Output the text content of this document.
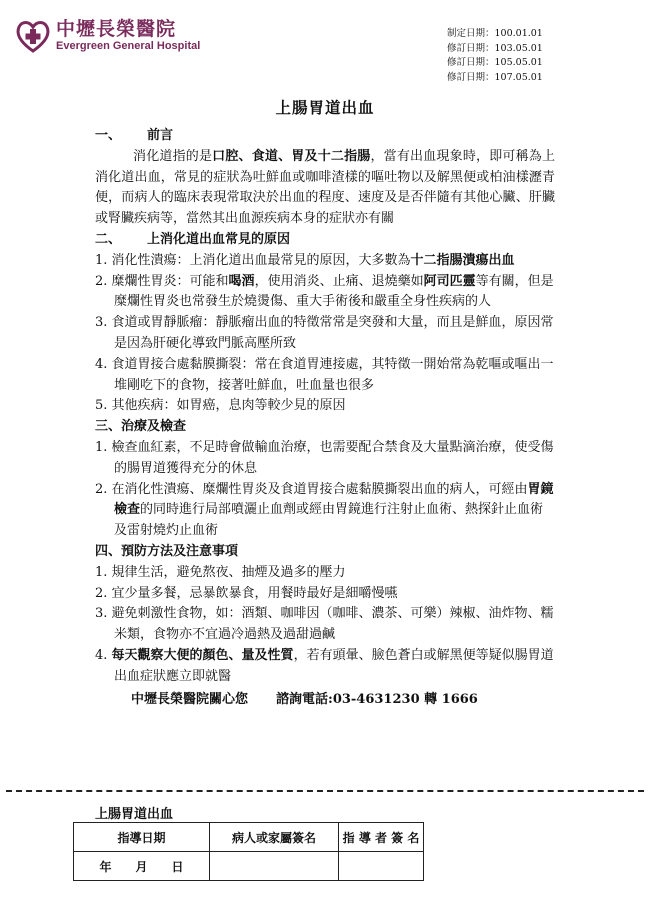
中壢長榮醫院
Evergreen General Hospital
制定日期：100.01.01
修訂日期：103.05.01
修訂日期：105.05.01
修訂日期：107.05.01
上腸胃道出血
一、 前言
消化道指的是口腔、食道、胃及十二指腸，當有出血現象時，即可稱為上消化道出血，常見的症狀為吐鮮血或咖啡渣樣的嘔吐物以及解黑便或柏油樣瀝青便，而病人的臨床表現常取決於出血的程度、速度及是否伴隨有其他心臟、肝臟或腎臟疾病等，當然其出血源疾病本身的症狀亦有關
二、 上消化道出血常見的原因
1. 消化性潰瘍：上消化道出血最常見的原因，大多數為十二指腸潰瘍出血
2. 糜爛性胃炎：可能和喝酒，使用消炎、止痛、退燒藥如阿司匹靈等有關，但是糜爛性胃炎也常發生於燒燙傷、重大手術後和嚴重全身性疾病的人
3. 食道或胃靜脈瘤：靜脈瘤出血的特徵常常是突發和大量，而且是鮮血，原因常是因為肝硬化導致門脈高壓所致
4. 食道胃接合處黏膜撕裂：常在食道胃連接處，其特徵一開始常為乾嘔或嘔出一堆剛吃下的食物，接著吐鮮血，吐血量也很多
5. 其他疾病：如胃癌，息肉等較少見的原因
三、治療及檢查
1. 檢查血紅素，不足時會做輸血治療，也需要配合禁食及大量點滴治療，使受傷的腸胃道獲得充分的休息
2. 在消化性潰瘍、糜爛性胃炎及食道胃接合處黏膜撕裂出血的病人，可經由胃鏡檢查的同時進行局部噴灑止血劑或經由胃鏡進行注射止血術、熱探針止血術及雷射燒灼止血術
四、預防方法及注意事項
1. 規律生活，避免熬夜、抽煙及過多的壓力
2. 宜少量多餐，忌暴飲暴食，用餐時最好是細嚼慢嚥
3. 避免刺激性食物，如：酒類、咖啡因（咖啡、濃茶、可樂）辣椒、油炸物、糯米類，食物亦不宜過冷過熱及過甜過鹹
4. 每天觀察大便的顏色、量及性質，若有頭暈、臉色蒼白或解黑便等疑似腸胃道出血症狀應立即就醫
中壢長榮醫院關心您 諮詢電話:03-4631230 轉 1666
上腸胃道出血
指導日期	病人或家屬簽名	指 導 者 簽 名
年　　月　　日		
